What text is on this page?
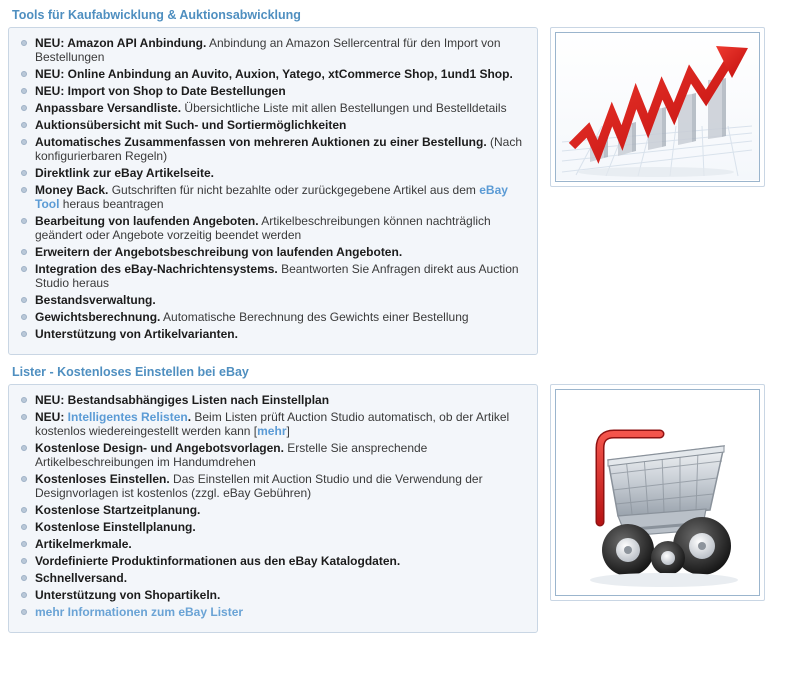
Tools für Kaufabwicklung & Auktionsabwicklung
NEU: Amazon API Anbindung. Anbindung an Amazon Sellercentral für den Import von Bestellungen
NEU: Online Anbindung an Auvito, Auxion, Yatego, xtCommerce Shop, 1und1 Shop.
NEU: Import von Shop to Date Bestellungen
Anpassbare Versandliste. Übersichtliche Liste mit allen Bestellungen und Bestelldetails
Auktionsübersicht mit Such- und Sortiermöglichkeiten
Automatisches Zusammenfassen von mehreren Auktionen zu einer Bestellung. (Nach konfigurierbaren Regeln)
Direktlink zur eBay Artikelseite.
Money Back. Gutschriften für nicht bezahlte oder zurückgegebene Artikel aus dem eBay Tool heraus beantragen
Bearbeitung von laufenden Angeboten. Artikelbeschreibungen können nachträglich geändert oder Angebote vorzeitig beendet werden
Erweitern der Angebotsbeschreibung von laufenden Angeboten.
Integration des eBay-Nachrichtensystems. Beantworten Sie Anfragen direkt aus Auction Studio heraus
Bestandsverwaltung.
Gewichtsberechnung. Automatische Berechnung des Gewichts einer Bestellung
Unterstützung von Artikelvarianten.
Lister - Kostenloses Einstellen bei eBay
NEU: Bestandsabhängiges Listen nach Einstellplan
NEU: Intelligentes Relisten. Beim Listen prüft Auction Studio automatisch, ob der Artikel kostenlos wiedereingestellt werden kann [mehr]
Kostenlose Design- und Angebotsvorlagen. Erstelle Sie ansprechende Artikelbeschreibungen im Handumdrehen
Kostenloses Einstellen. Das Einstellen mit Auction Studio und die Verwendung der Designvorlagen ist kostenlos (zzgl. eBay Gebühren)
Kostenlose Startzeitplanung.
Kostenlose Einstellplanung.
Artikelmerkmale.
Vordefinierte Produktinformationen aus den eBay Katalogdaten.
Schnellversand.
Unterstützung von Shopartikeln.
mehr Informationen zum eBay Lister
